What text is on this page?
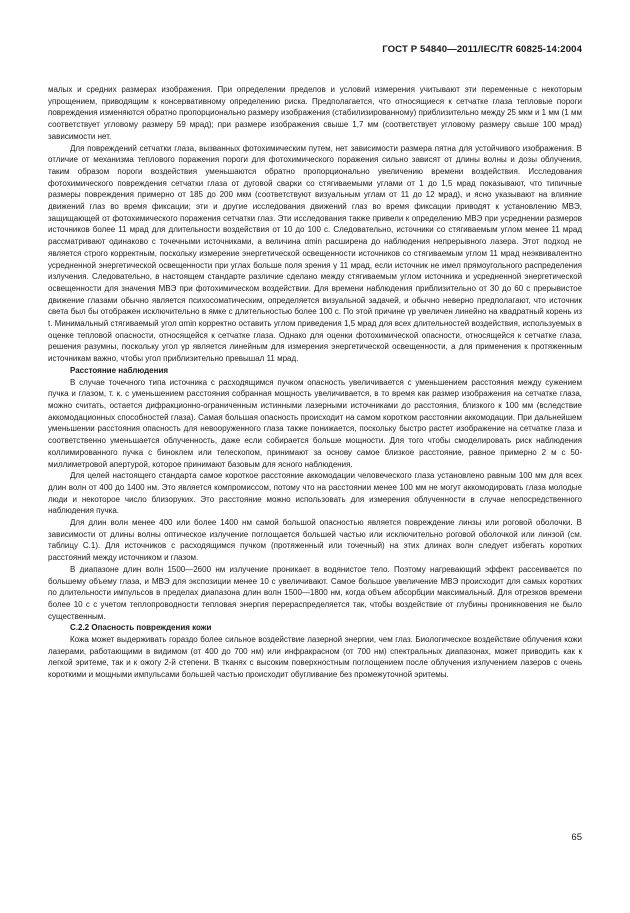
ГОСТ Р 54840—2011/IEC/TR 60825-14:2004

малых и средних размерах изображения. При определении пределов и условий измерения учитывают эти переменные с некоторым упрощением, приводящим к консервативному определению риска. Предполагается, что относящиеся к сетчатке глаза тепловые пороги повреждения изменяются обратно пропорционально размеру изображения (стабилизированному) приблизительно между 25 мкм и 1 мм (1 мм соответствует угловому размеру 59 мрад); при размере изображения свыше 1,7 мм (соответствует угловому размеру свыше 100 мрад) зависимости нет.

Для повреждений сетчатки глаза, вызванных фотохимическим путем, нет зависимости размера пятна для устойчивого изображения. В отличие от механизма теплового поражения пороги для фотохимического поражения сильно зависят от длины волны и дозы облучения, таким образом пороги воздействия уменьшаются обратно пропорционально увеличению времени воздействия. Исследования фотохимического повреждения сетчатки глаза от дуговой сварки со стягиваемыми углами от 1 до 1,5 мрад показывают, что типичные размеры повреждения примерно от 185 до 200 мкм (соответствуют визуальным углам от 11 до 12 мрад), и ясно указывают на влияние движений глаз во время фиксации; эти и другие исследования движений глаз во время фиксации приводят к установлению МВЭ, защищающей от фотохимического поражения сетчатки глаз. Эти исследования также привели к определению МВЭ при усреднении размеров источников более 11 мрад для длительности воздействия от 10 до 100 с. Следовательно, источники со стягиваемым углом менее 11 мрад рассматривают одинаково с точечными источниками, а величина αmin расширена до наблюдения непрерывного лазера. Этот подход не является строго корректным, поскольку измерение энергетической освещенности источников со стягиваемым углом 11 мрад неэквивалентно усредненной энергетической освещенности при углах больше поля зрения γ 11 мрад, если источник не имел прямоугольного распределения излучения. Следовательно, в настоящем стандарте различие сделано между стягиваемым углом источника и усредненной энергетической освещенности для значения МВЭ при фотохимическом воздействии. Для времени наблюдения приблизительно от 30 до 60 с прерывистое движение глазами обычно является психосоматическим, определяется визуальной задачей, и обычно неверно предполагают, что источник света был бы отображен исключительно в ямке с длительностью более 100 с. По этой причине γp увеличен линейно на квадратный корень из t. Минимальный стягиваемый угол αmin корректно оставить углом приведения 1,5 мрад для всех длительностей воздействия, используемых в оценке тепловой опасности, относящейся к сетчатке глаза. Однако для оценки фотохимической опасности, относящейся к сетчатке глаза, решения разумны, поскольку угол γp является линейным для измерения энергетической освещенности, а для применения к протяженным источникам важно, чтобы угол приблизительно превышал 11 мрад.

Расстояние наблюдения

В случае точечного типа источника с расходящимся пучком опасность увеличивается с уменьшением расстояния между сужением пучка и глазом, т. к. с уменьшением расстояния собранная мощность увеличивается, в то время как размер изображения на сетчатке глаза, можно считать, остается дифракционно-ограниченным истинными лазерными источниками до расстояния, близкого к 100 мм (вследствие аккомодационных способностей глаза). Самая большая опасность происходит на самом коротком расстоянии аккомодации. При дальнейшем уменьшении расстояния опасность для невооруженного глаза также понижается, поскольку быстро растет изображение на сетчатке глаза и соответственно уменьшается облученность, даже если собирается больше мощности. Для того чтобы смоделировать риск наблюдения коллимированного пучка с биноклем или телескопом, принимают за основу самое близкое расстояние, равное примерно 2 м с 50-миллиметровой апертурой, которое принимают базовым для ясного наблюдения.

Для целей настоящего стандарта самое короткое расстояние аккомодации человеческого глаза установлено равным 100 мм для всех длин волн от 400 до 1400 нм. Это является компромиссом, потому что на расстоянии менее 100 мм не могут аккомодировать глаза молодые люди и некоторое число близоруких. Это расстояние можно использовать для измерения облученности в случае непосредственного наблюдения пучка.

Для длин волн менее 400 или более 1400 нм самой большой опасностью является повреждение линзы или роговой оболочки. В зависимости от длины волны оптическое излучение поглощается большей частью или исключительно роговой оболочкой или линзой (см. таблицу С.1). Для источников с расходящимся пучком (протяженный или точечный) на этих длинах волн следует избегать коротких расстояний между источником и глазом.

В диапазоне длин волн 1500—2600 нм излучение проникает в водянистое тело. Поэтому нагревающий эффект рассеивается по большему объему глаза, и МВЭ для экспозиции менее 10 с увеличивают. Самое большое увеличение МВЭ происходит для самых коротких по длительности импульсов в пределах диапазона длин волн 1500—1800 нм, когда объем абсорбции максимальный. Для отрезков времени более 10 с с учетом теплопроводности тепловая энергия перераспределяется так, чтобы воздействие от глубины проникновения не было существенным.

С.2.2 Опасность повреждения кожи

Кожа может выдерживать гораздо более сильное воздействие лазерной энергии, чем глаз. Биологическое воздействие облучения кожи лазерами, работающими в видимом (от 400 до 700 нм) или инфракрасном (от 700 нм) спектральных диапазонах, может приводить как к легкой эритеме, так и к ожогу 2-й степени. В тканях с высоким поверхностным поглощением после облучения излучением лазеров с очень короткими и мощными импульсами большей частью происходит обугливание без промежуточной эритемы.

65
